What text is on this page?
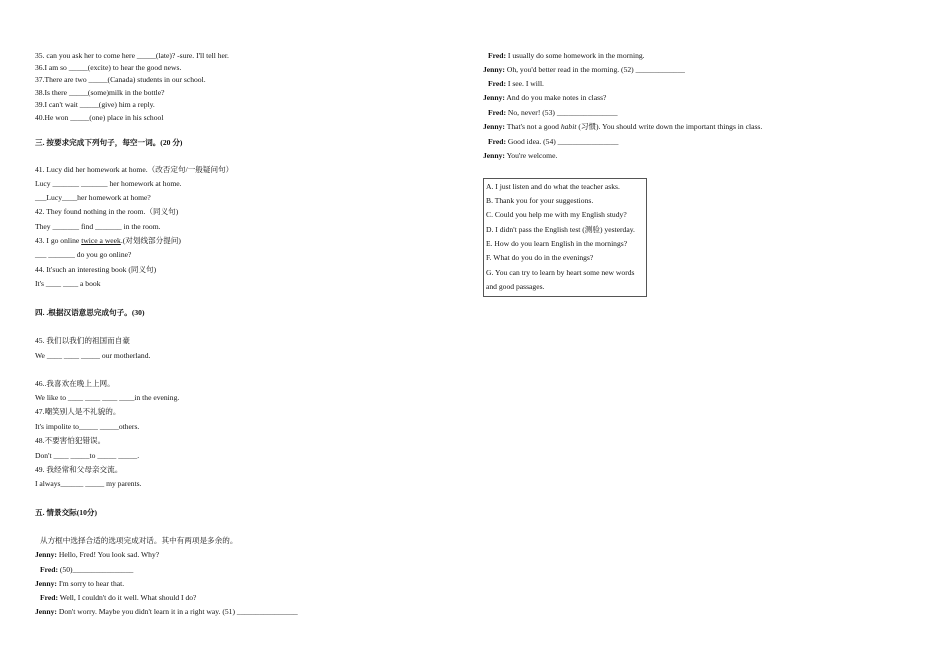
35. can you ask her to come here _____(late)? -sure. I'll tell her.
36.I am so _____(excite) to hear the good news.
37.There are two _____(Canada) students in our school.
38.Is there _____(some)milk in the bottle?
39.I can't wait _____(give) him a reply.
40.He won _____(one) place in his school
三. 按要求完成下列句子，每空一词。(20 分)
41. Lucy did her homework at home.（改否定句/一般疑问句）
Lucy _______ _______ her homework at home.
___Lucy____her homework at home?
42. They found nothing in the room.（同义句)
They _______ find _______ in the room.
43. I go online twice a week.(对划线部分提问)
___ _______ do you go online?
44. It'such an interesting book (同义句)
It's ____ ____ a book
四. .根据汉语意思完成句子。(30)
45. 我们以我们的祖国而自豪
We ____ ____ _____ our motherland.
46..我喜欢在晚上上网。
We like to ____ ____ ____ ____in the evening.
47.嘲笑别人是不礼貌的。
It's impolite to_____ _____others.
48.不要害怕犯错误。
Don't ____ _____to _____ _____.
49. 我经常和父母亲交流。
I always______ _____ my parents.
五. 情景交际(10分)
从方框中选择合适的选项完成对话。其中有两项是多余的。
Jenny: Hello, Fred! You look sad. Why?
Fred: (50)________________
Jenny: I'm sorry to hear that.
Fred: Well, I couldn't do it well. What should I do?
Jenny: Don't worry. Maybe you didn't learn it in a right way. (51) ________________
Fred: I usually do some homework in the morning.
Jenny: Oh, you'd better read in the morning. (52) _____________
Fred: I see. I will.
Jenny: And do you make notes in class?
Fred: No, never! (53) ________________
Jenny: That's not a good habit (习惯). You should write down the important things in class.
Fred: Good idea. (54) ________________
Jenny: You're welcome.
A. I just listen and do what the teacher asks.
B. Thank you for your suggestions.
C. Could you help me with my English study?
D. I didn't pass the English test (测验) yesterday.
E. How do you learn English in the mornings?
F. What do you do in the evenings?
G. You can try to learn by heart some new words
and good passages.
